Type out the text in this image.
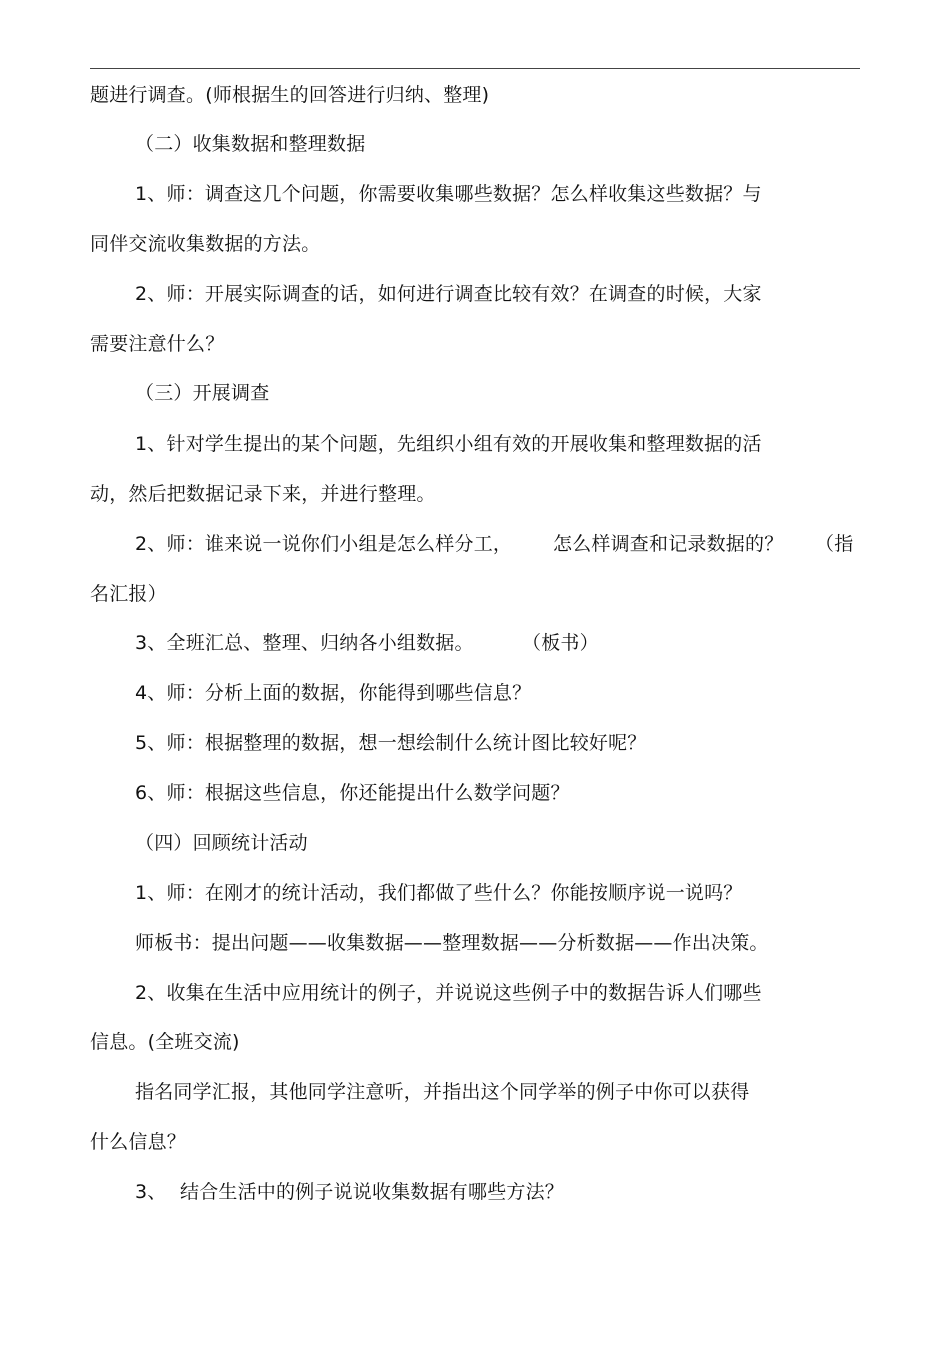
题进行调查。(师根据生的回答进行归纳、整理)
（二）收集数据和整理数据
1、师：调查这几个问题，你需要收集哪些数据？怎么样收集这些数据？与
同伴交流收集数据的方法。
2、师：开展实际调查的话，如何进行调查比较有效？在调查的时候，大家
需要注意什么？
（三）开展调查
1、针对学生提出的某个问题，先组织小组有效的开展收集和整理数据的活
动，然后把数据记录下来，并进行整理。
2、师：谁来说一说你们小组是怎么样分工， 怎么样调查和记录数据的？ （指
名汇报）
3、全班汇总、整理、归纳各小组数据。	（板书）
4、师：分析上面的数据，你能得到哪些信息？
5、师：根据整理的数据，想一想绘制什么统计图比较好呢？
6、师：根据这些信息，你还能提出什么数学问题？
（四）回顾统计活动
1、师：在刚才的统计活动，我们都做了些什么？你能按顺序说一说吗？
师板书：提出问题——收集数据——整理数据——分析数据——作出决策。
2、收集在生活中应用统计的例子，并说说这些例子中的数据告诉人们哪些
信息。(全班交流)
指名同学汇报，其他同学注意听，并指出这个同学举的例子中你可以获得
什么信息？
3、 结合生活中的例子说说收集数据有哪些方法？
